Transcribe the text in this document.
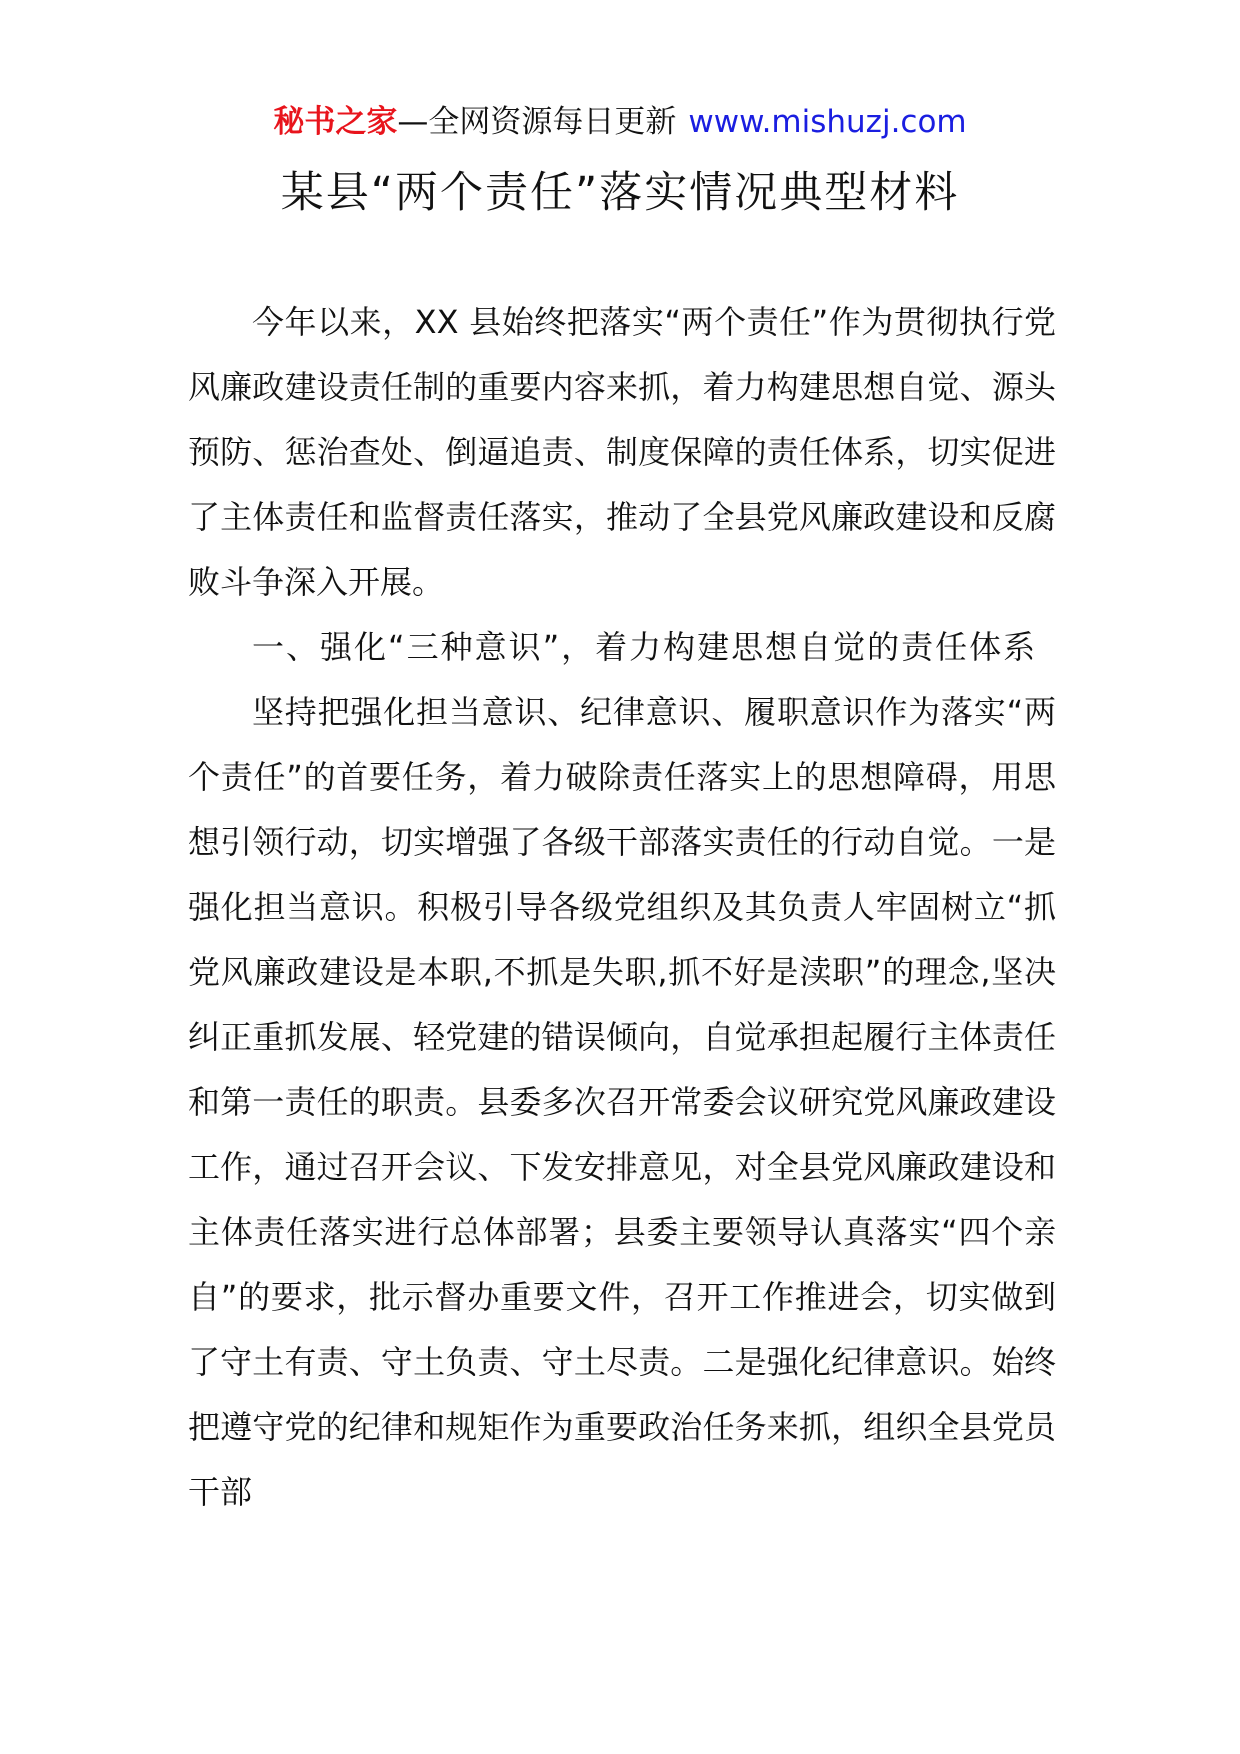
秘书之家—全网资源每日更新 www.mishuzj.com
某县“两个责任”落实情况典型材料

今年以来，XX 县始终把落实“两个责任”作为贯彻执行党风廉政建设责任制的重要内容来抓，着力构建思想自觉、源头预防、惩治查处、倒逼追责、制度保障的责任体系，切实促进了主体责任和监督责任落实，推动了全县党风廉政建设和反腐败斗争深入开展。

一、强化“三种意识”，着力构建思想自觉的责任体系

坚持把强化担当意识、纪律意识、履职意识作为落实“两个责任”的首要任务，着力破除责任落实上的思想障碍，用思想引领行动，切实增强了各级干部落实责任的行动自觉。一是强化担当意识。积极引导各级党组织及其负责人牢固树立“抓党风廉政建设是本职,不抓是失职,抓不好是渎职”的理念,坚决纠正重抓发展、轻党建的错误倾向，自觉承担起履行主体责任和第一责任的职责。县委多次召开常委会议研究党风廉政建设工作，通过召开会议、下发安排意见，对全县党风廉政建设和主体责任落实进行总体部署；县委主要领导认真落实“四个亲自”的要求，批示督办重要文件，召开工作推进会，切实做到了守土有责、守土负责、守土尽责。二是强化纪律意识。始终把遵守党的纪律和规矩作为重要政治任务来抓，组织全县党员干部
